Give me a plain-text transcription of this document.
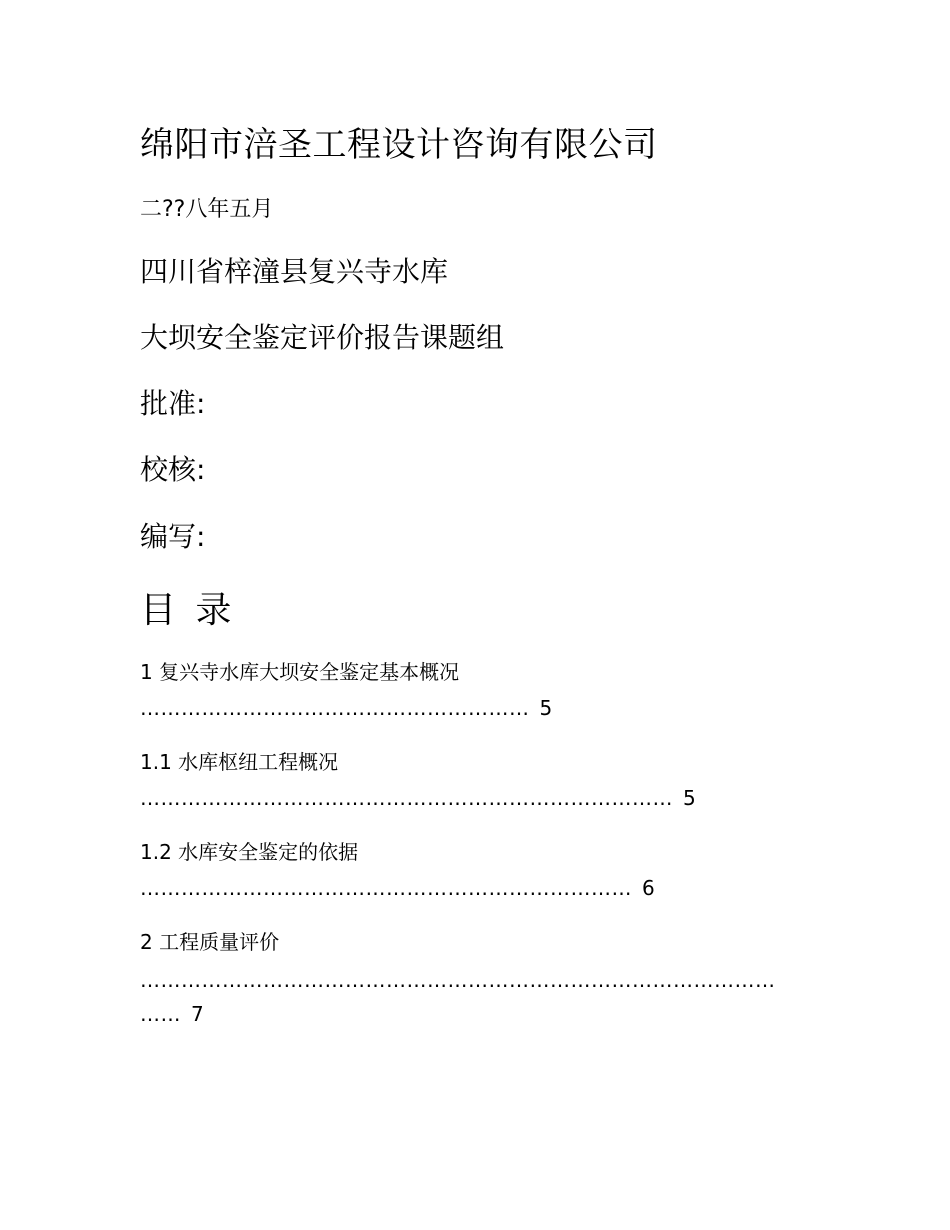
绵阳市涪圣工程设计咨询有限公司

二??八年五月

四川省梓潼县复兴寺水库

大坝安全鉴定评价报告课题组

批准:

校核:

编写:

目 录

1 复兴寺水库大坝安全鉴定基本概况

………………………………………………… 5

1.1 水库枢纽工程概况

…………………………………………………………………… 5

1.2 水库安全鉴定的依据

……………………………………………………………… 6

2 工程质量评价

…………………………………………………………………………………

…… 7
